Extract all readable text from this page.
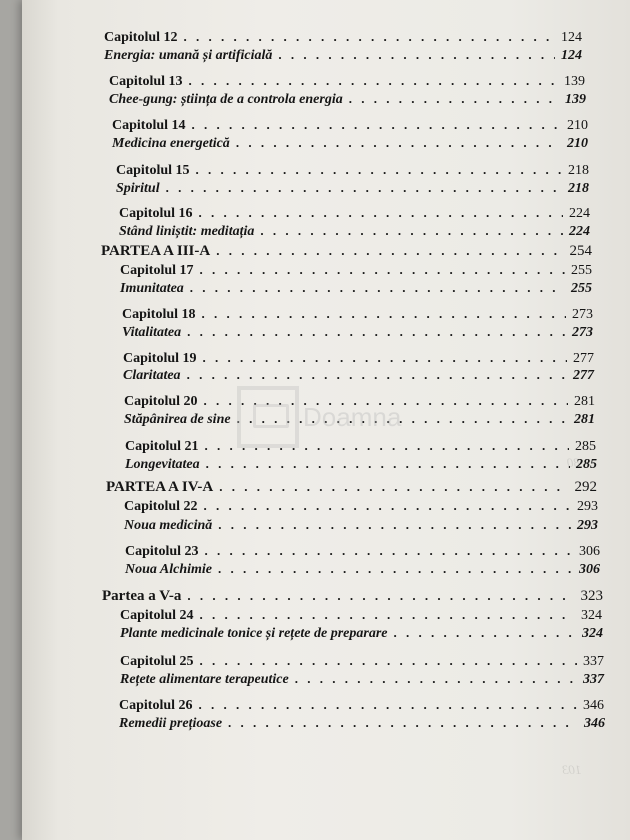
Capitolul 12 . . .	124
Energia: umană și artificială . . .	124
Capitolul 13 . . .	139
Chee-gung: știința de a controla energia . . .	139
Capitolul 14 . . .	210
Medicina energetică . . .	210
Capitolul 15 . . .	218
Spiritul . . .	218
Capitolul 16 . . .	224
Stând liniștit: meditația . . .	224
PARTEA A III-A . . .	254
Capitolul 17 . . .	255
Imunitatea . . .	255
Capitolul 18 . . .	273
Vitalitatea . . .	273
Capitolul 19 . . .	277
Claritatea . . .	277
Capitolul 20 . . .	281
Stăpânirea de sine . . .	281
Capitolul 21 . . .	285
Longevitatea . . .	285
PARTEA A IV-A . . .	292
Capitolul 22 . . .	293
Noua medicină . . .	293
Capitolul 23 . . .	306
Noua Alchimie . . .	306
Partea a V-a . . .	323
Capitolul 24 . . .	324
Plante medicinale tonice și rețete de preparare . . .	324
Capitolul 25 . . .	337
Rețete alimentare terapeutice . . .	337
Capitolul 26 . . .	346
Remedii prețioase . . .	346
Doamna
